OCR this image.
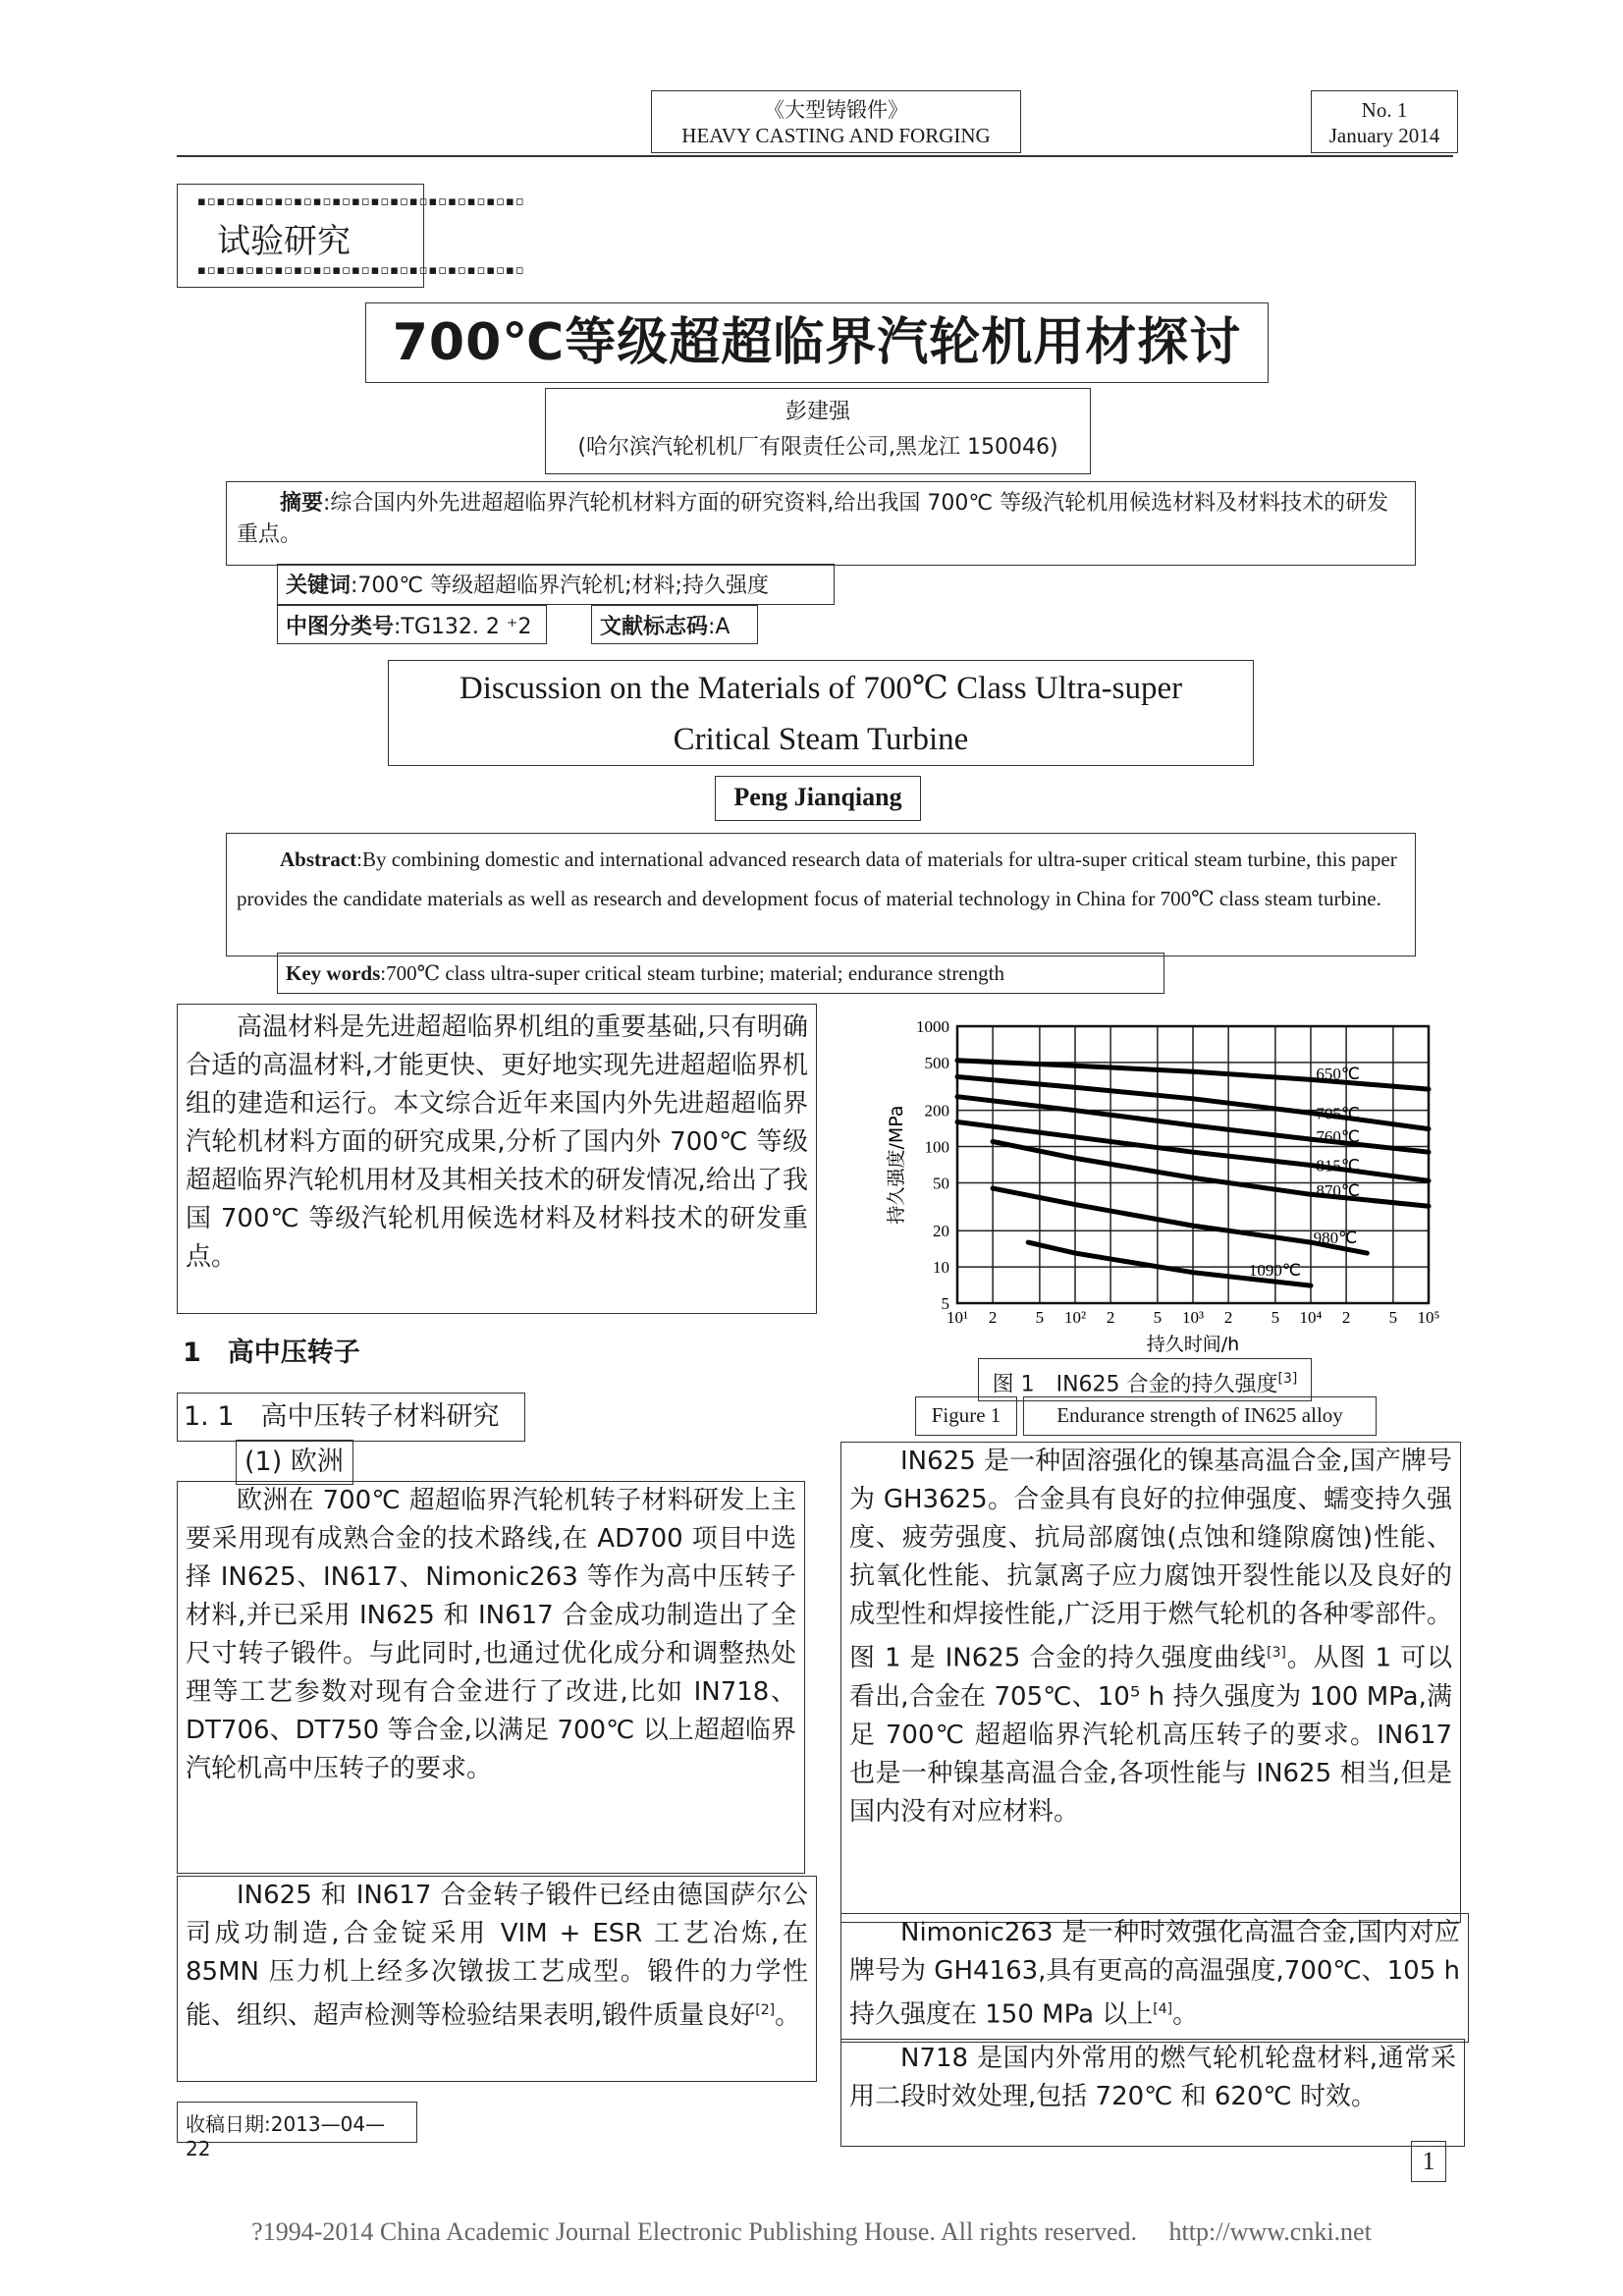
《大型铸锻件》
HEAVY CASTING AND FORGING
No. 1
January 2014
▪▫▪▫▪▫▪▫▪▫▪▫▪▫▪▫▪▫▪▫▪▫▪▫▪▫▪▫▪▫▪▫▪▫
试验研究
▪▫▪▫▪▫▪▫▪▫▪▫▪▫▪▫▪▫▪▫▪▫▪▫▪▫▪▫▪▫▪▫▪▫
700℃等级超超临界汽轮机用材探讨
彭建强
(哈尔滨汽轮机机厂有限责任公司,黑龙江 150046)
摘要:综合国内外先进超超临界汽轮机材料方面的研究资料,给出我国 700℃ 等级汽轮机用候选材料及材料技术的研发重点。
关键词:700℃ 等级超超临界汽轮机;材料;持久强度
中图分类号:TG132. 2 ⁺2	文献标志码:A
Discussion on the Materials of 700℃ Class Ultra-super
Critical Steam Turbine
Peng Jianqiang
Abstract:By combining domestic and international advanced research data of materials for ultra-super critical steam turbine, this paper provides the candidate materials as well as research and development focus of material technology in China for 700℃ class steam turbine.
Key words:700℃ class ultra-super critical steam turbine; material; endurance strength
高温材料是先进超超临界机组的重要基础,只有明确合适的高温材料,才能更快、更好地实现先进超超临界机组的建造和运行。本文综合近年来国内外先进超超临界汽轮机材料方面的研究成果,分析了国内外 700℃ 等级超超临界汽轮机用材及其相关技术的研发情况,给出了我国 700℃ 等级汽轮机用候选材料及材料技术的研发重点。
1　高中压转子
1. 1　高中压转子材料研究
(1) 欧洲
欧洲在 700℃ 超超临界汽轮机转子材料研发上主要采用现有成熟合金的技术路线,在 AD700 项目中选择 IN625、IN617、Nimonic263 等作为高中压转子材料,并已采用 IN625 和 IN617 合金成功制造出了全尺寸转子锻件。与此同时,也通过优化成分和调整热处理等工艺参数对现有合金进行了改进,比如 IN718、DT706、DT750 等合金,以满足 700℃ 以上超超临界汽轮机高中压转子的要求。
IN625 和 IN617 合金转子锻件已经由德国萨尔公司成功制造,合金锭采用 VIM + ESR 工艺冶炼,在 85MN 压力机上经多次镦拔工艺成型。锻件的力学性能、组织、超声检测等检验结果表明,锻件质量良好[2]。
收稿日期:2013—04—22
1000
500
200
100
50
20
10
5
10¹ 2 5 10² 2 5 10³ 2 5 10⁴ 2 5 10⁵
650℃
705℃
760℃
815℃
870℃
980℃
1090℃
持久时间/h
持久强度/MPa
图 1　IN625 合金的持久强度[3]
Figure 1	Endurance strength of IN625 alloy
IN625 是一种固溶强化的镍基高温合金,国产牌号为 GH3625。合金具有良好的拉伸强度、蠕变持久强度、疲劳强度、抗局部腐蚀(点蚀和缝隙腐蚀)性能、抗氧化性能、抗氯离子应力腐蚀开裂性能以及良好的成型性和焊接性能,广泛用于燃气轮机的各种零部件。图 1 是 IN625 合金的持久强度曲线[3]。从图 1 可以看出,合金在 705℃、10⁵ h 持久强度为 100 MPa,满足 700℃ 超超临界汽轮机高压转子的要求。IN617 也是一种镍基高温合金,各项性能与 IN625 相当,但是国内没有对应材料。
Nimonic263 是一种时效强化高温合金,国内对应牌号为 GH4163,具有更高的高温强度,700℃、105 h 持久强度在 150 MPa 以上[4]。
N718 是国内外常用的燃气轮机轮盘材料,通常采用二段时效处理,包括 720℃ 和 620℃ 时效。
1
?1994-2014 China Academic Journal Electronic Publishing House. All rights reserved.　 http://www.cnki.net
